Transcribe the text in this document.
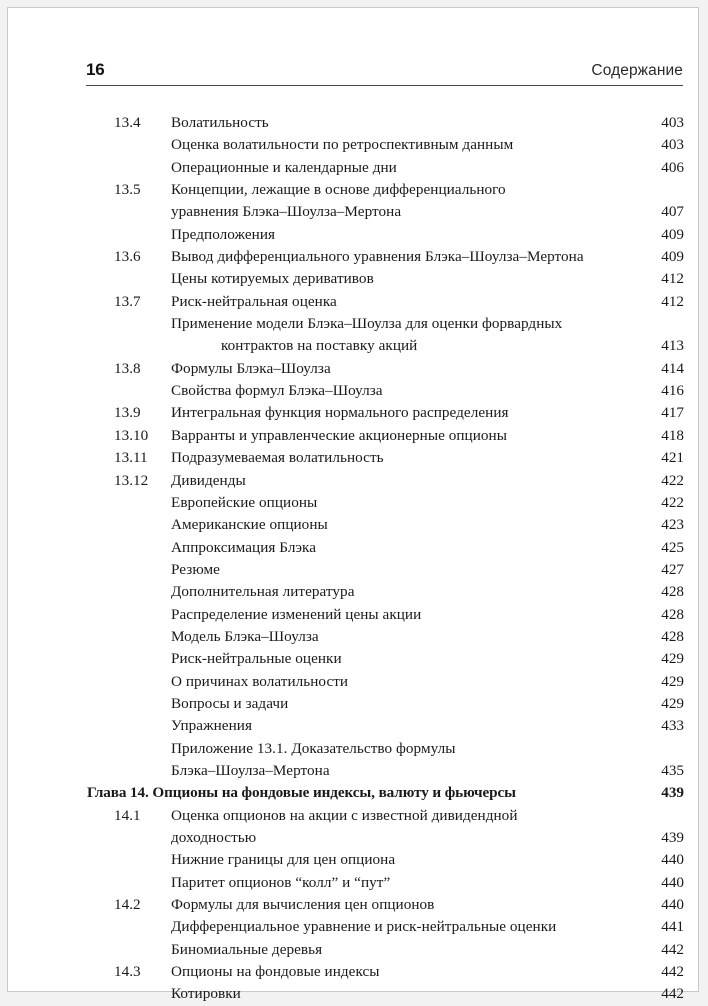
16	Содержание
13.4	Волатильность	403
Оценка волатильности по ретроспективным данным	403
Операционные и календарные дни	406
13.5	Концепции, лежащие в основе дифференциального
уравнения Блэка–Шоулза–Мертона	407
Предположения	409
13.6	Вывод дифференциального уравнения Блэка–Шоулза–Мертона	409
Цены котируемых деривативов	412
13.7	Риск-нейтральная оценка	412
Применение модели Блэка–Шоулза для оценки форвардных
контрактов на поставку акций	413
13.8	Формулы Блэка–Шоулза	414
Свойства формул Блэка–Шоулза	416
13.9	Интегральная функция нормального распределения	417
13.10	Варранты и управленческие акционерные опционы	418
13.11	Подразумеваемая волатильность	421
13.12	Дивиденды	422
Европейские опционы	422
Американские опционы	423
Аппроксимация Блэка	425
Резюме	427
Дополнительная литература	428
Распределение изменений цены акции	428
Модель Блэка–Шоулза	428
Риск-нейтральные оценки	429
О причинах волатильности	429
Вопросы и задачи	429
Упражнения	433
Приложение 13.1. Доказательство формулы
Блэка–Шоулза–Мертона	435
Глава 14. Опционы на фондовые индексы, валюту и фьючерсы	439
14.1	Оценка опционов на акции с известной дивидендной
доходностью	439
Нижние границы для цен опциона	440
Паритет опционов “колл” и “пут”	440
14.2	Формулы для вычисления цен опционов	440
Дифференциальное уравнение и риск-нейтральные оценки	441
Биномиальные деревья	442
14.3	Опционы на фондовые индексы	442
Котировки	442
